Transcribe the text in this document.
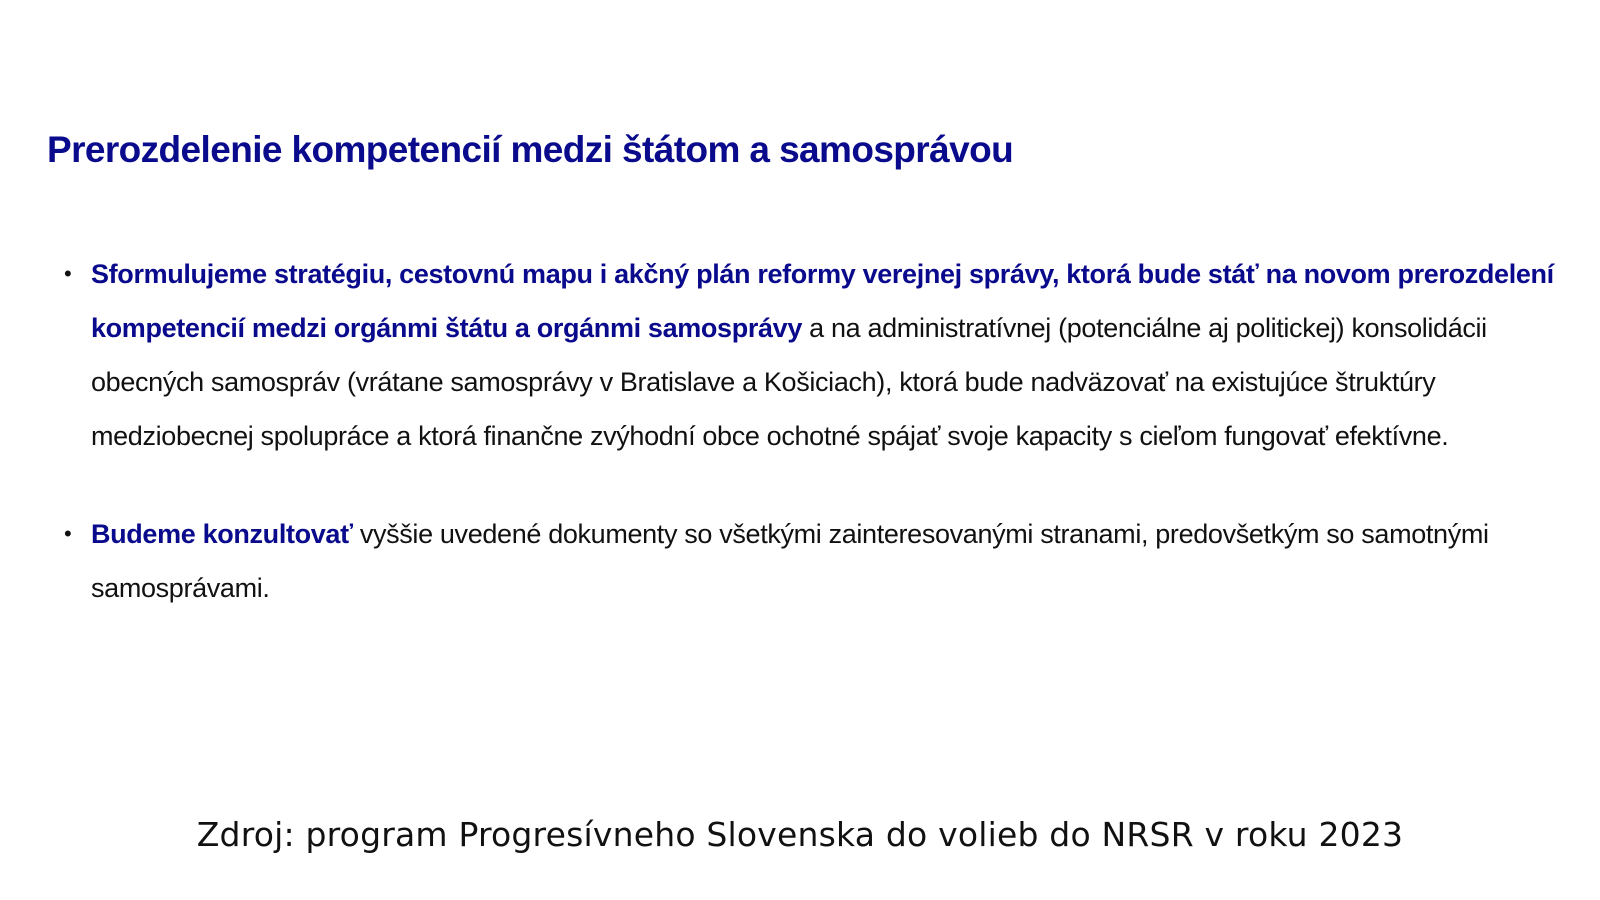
Prerozdelenie kompetencií medzi štátom a samosprávou
• Sformulujeme stratégiu, cestovnú mapu i akčný plán reformy verejnej správy, ktorá bude stáť na novom prerozdelení kompetencií medzi orgánmi štátu a orgánmi samosprávy a na administratívnej (potenciálne aj politickej) konsolidácii obecných samospráv (vrátane samosprávy v Bratislave a Košiciach), ktorá bude nadväzovať na existujúce štruktúry medziobecnej spolupráce a ktorá finančne zvýhodní obce ochotné spájať svoje kapacity s cieľom fungovať efektívne.
• Budeme konzultovať vyššie uvedené dokumenty so všetkými zainteresovanými stranami, predovšetkým so samotnými samosprávami.

Zdroj: program Progresívneho Slovenska do volieb do NRSR v roku 2023
